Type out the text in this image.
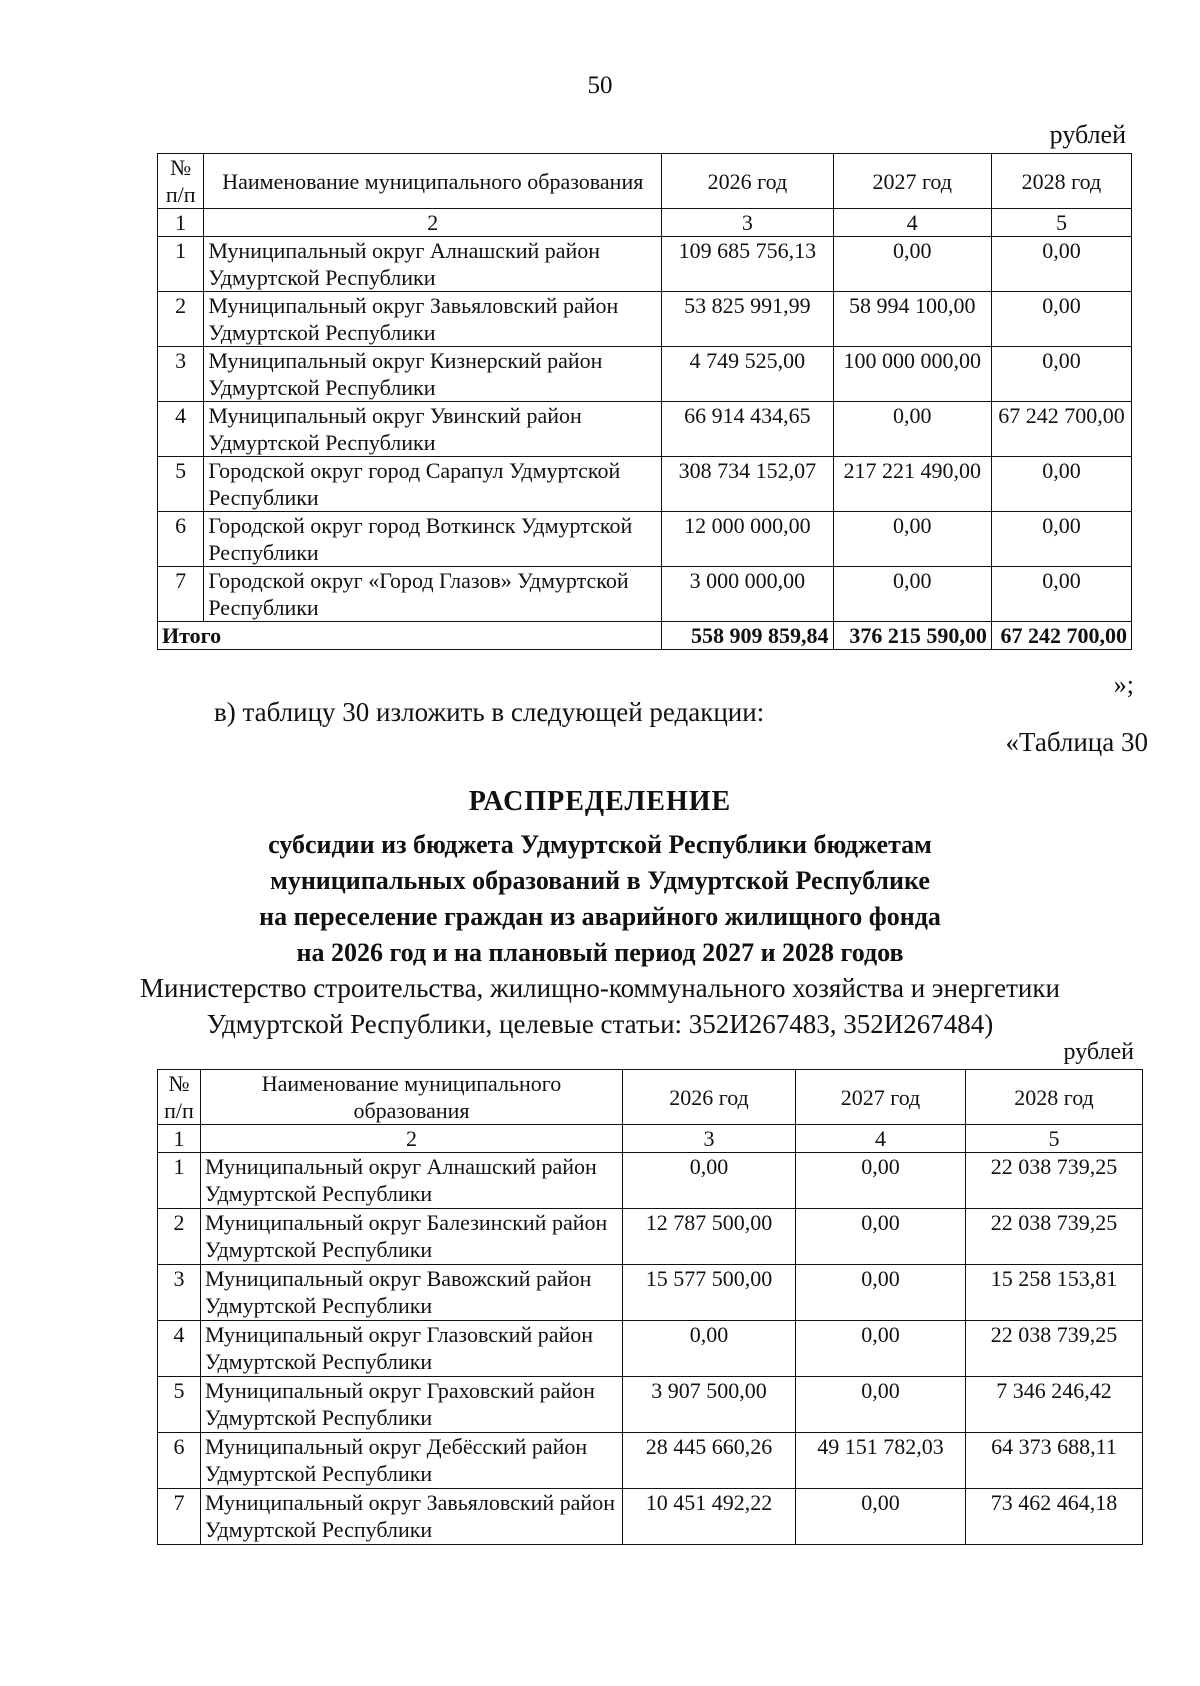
50
рублей
№ п/п	Наименование муниципального образования	2026 год	2027 год	2028 год
1	2	3	4	5
1	Муниципальный округ Алнашский район Удмуртской Республики	109 685 756,13	0,00	0,00
2	Муниципальный округ Завьяловский район Удмуртской Республики	53 825 991,99	58 994 100,00	0,00
3	Муниципальный округ Кизнерский район Удмуртской Республики	4 749 525,00	100 000 000,00	0,00
4	Муниципальный округ Увинский район Удмуртской Республики	66 914 434,65	0,00	67 242 700,00
5	Городской округ город Сарапул Удмуртской Республики	308 734 152,07	217 221 490,00	0,00
6	Городской округ город Воткинск Удмуртской Республики	12 000 000,00	0,00	0,00
7	Городской округ «Город Глазов» Удмуртской Республики	3 000 000,00	0,00	0,00
Итого		558 909 859,84	376 215 590,00	67 242 700,00
»;
в) таблицу 30 изложить в следующей редакции:
«Таблица 30
РАСПРЕДЕЛЕНИЕ
субсидии из бюджета Удмуртской Республики бюджетам
муниципальных образований в Удмуртской Республике
на переселение граждан из аварийного жилищного фонда
на 2026 год и на плановый период 2027 и 2028 годов
Министерство строительства, жилищно-коммунального хозяйства и энергетики
Удмуртской Республики, целевые статьи: 352И267483, 352И267484)
рублей
№ п/п	Наименование муниципального образования	2026 год	2027 год	2028 год
1	2	3	4	5
1	Муниципальный округ Алнашский район Удмуртской Республики	0,00	0,00	22 038 739,25
2	Муниципальный округ Балезинский район Удмуртской Республики	12 787 500,00	0,00	22 038 739,25
3	Муниципальный округ Вавожский район Удмуртской Республики	15 577 500,00	0,00	15 258 153,81
4	Муниципальный округ Глазовский район Удмуртской Республики	0,00	0,00	22 038 739,25
5	Муниципальный округ Граховский район Удмуртской Республики	3 907 500,00	0,00	7 346 246,42
6	Муниципальный округ Дебёсский район Удмуртской Республики	28 445 660,26	49 151 782,03	64 373 688,11
7	Муниципальный округ Завьяловский район Удмуртской Республики	10 451 492,22	0,00	73 462 464,18
